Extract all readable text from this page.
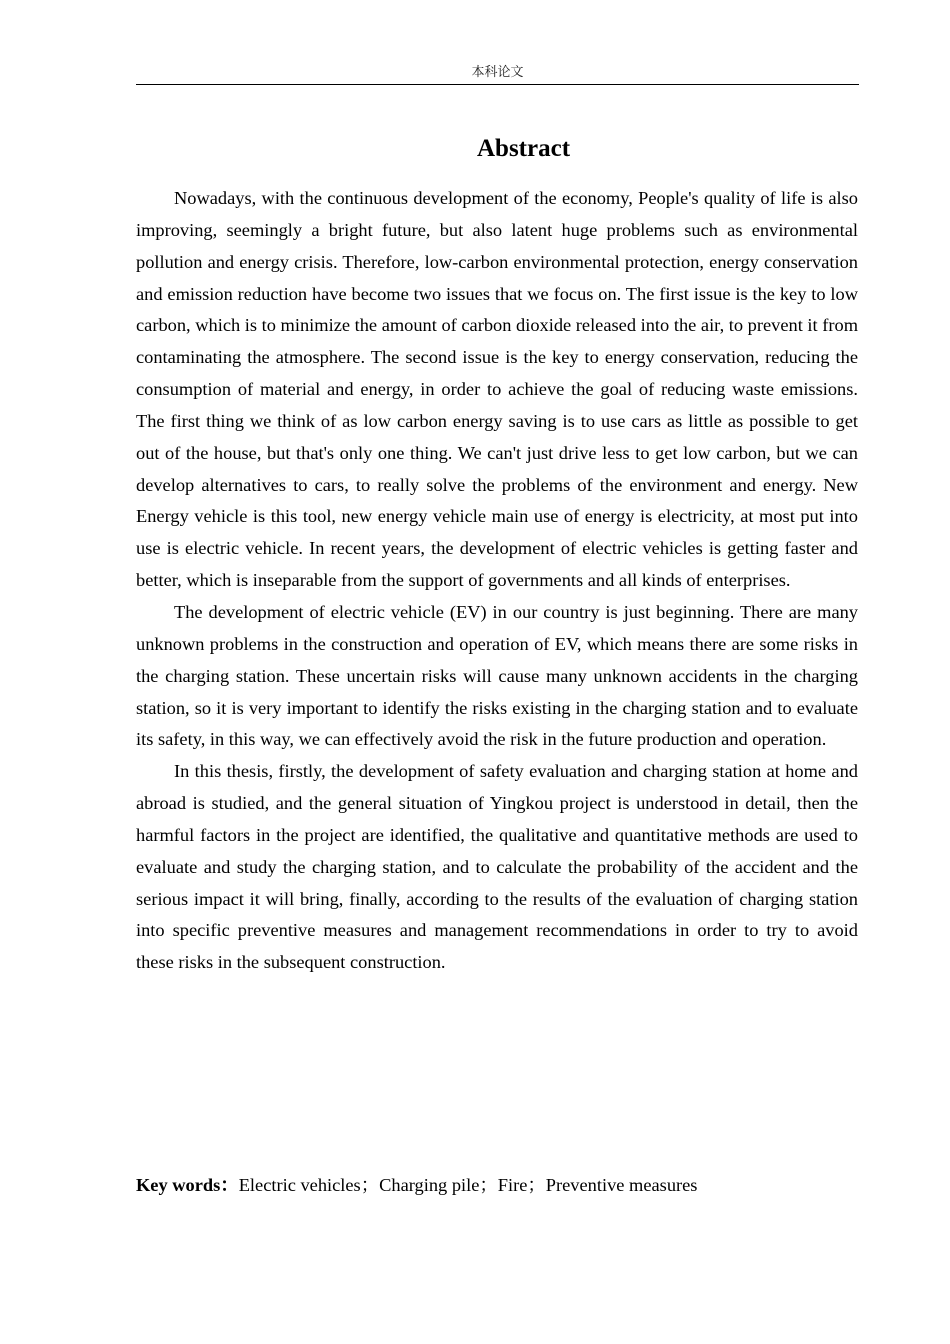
本科论文
Abstract

Nowadays, with the continuous development of the economy, People's quality of life is also improving, seemingly a bright future, but also latent huge problems such as environmental pollution and energy crisis. Therefore, low-carbon environmental protection, energy conservation and emission reduction have become two issues that we focus on. The first issue is the key to low carbon, which is to minimize the amount of carbon dioxide released into the air, to prevent it from contaminating the atmosphere. The second issue is the key to energy conservation, reducing the consumption of material and energy, in order to achieve the goal of reducing waste emissions. The first thing we think of as low carbon energy saving is to use cars as little as possible to get out of the house, but that's only one thing. We can't just drive less to get low carbon, but we can develop alternatives to cars, to really solve the problems of the environment and energy. New Energy vehicle is this tool, new energy vehicle main use of energy is electricity, at most put into use is electric vehicle. In recent years, the development of electric vehicles is getting faster and better, which is inseparable from the support of governments and all kinds of enterprises.

The development of electric vehicle (EV) in our country is just beginning. There are many unknown problems in the construction and operation of EV, which means there are some risks in the charging station. These uncertain risks will cause many unknown accidents in the charging station, so it is very important to identify the risks existing in the charging station and to evaluate its safety, in this way, we can effectively avoid the risk in the future production and operation.

In this thesis, firstly, the development of safety evaluation and charging station at home and abroad is studied, and the general situation of Yingkou project is understood in detail, then the harmful factors in the project are identified, the qualitative and quantitative methods are used to evaluate and study the charging station, and to calculate the probability of the accident and the serious impact it will bring, finally, according to the results of the evaluation of charging station into specific preventive measures and management recommendations in order to try to avoid these risks in the subsequent construction.

Key words：Electric vehicles；Charging pile；Fire；Preventive measures
